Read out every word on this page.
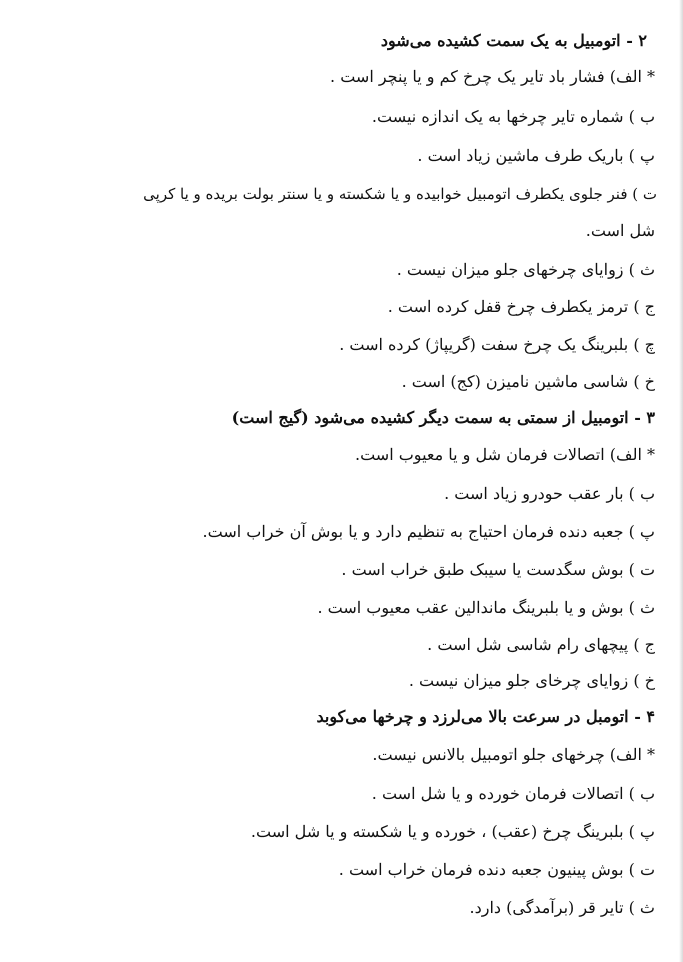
۲ - اتومبیل به یک سمت کشیده می‌شود
* الف) فشار باد تایر یک چرخ کم و یا پنچر است .
ب ) شماره تایر چرخها به یک اندازه نیست.
پ ) باریک طرف ماشین زیاد است .
ت ) فنر جلوی یکطرف اتومبیل خوابیده و یا شکسته و یا سنتر بولت بریده و یا کرپی
شل است.
ث ) زوایای چرخهای جلو میزان نیست .
ج ) ترمز یکطرف چرخ قفل کرده است .
چ ) بلبرینگ یک چرخ سفت (گریپاژ) کرده است .
خ ) شاسی ماشین نامیزن (کج) است .
۳ - اتومبیل از سمتی به سمت دیگر کشیده می‌شود (گیج است)
* الف) اتصالات فرمان شل و یا معیوب است.
ب ) بار عقب حودرو زیاد است .
پ ) جعبه دنده فرمان احتیاج به تنظیم دارد و یا بوش آن خراب است.
ت ) بوش سگدست یا سیبک طبق خراب است .
ث ) بوش و یا بلبرینگ ماندالین عقب معیوب است .
ج ) پیچهای رام شاسی شل است .
خ ) زوایای چرخای جلو میزان نیست .
۴ - اتومبل در سرعت بالا می‌لرزد و چرخها می‌کوبد
* الف) چرخهای جلو اتومبیل بالانس نیست.
ب ) اتصالات فرمان خورده و یا شل است .
پ ) بلبرینگ چرخ (عقب) ، خورده و یا شکسته و یا شل است.
ت ) بوش پینیون جعبه دنده فرمان خراب است .
ث ) تایر قر (برآمدگی) دارد.
